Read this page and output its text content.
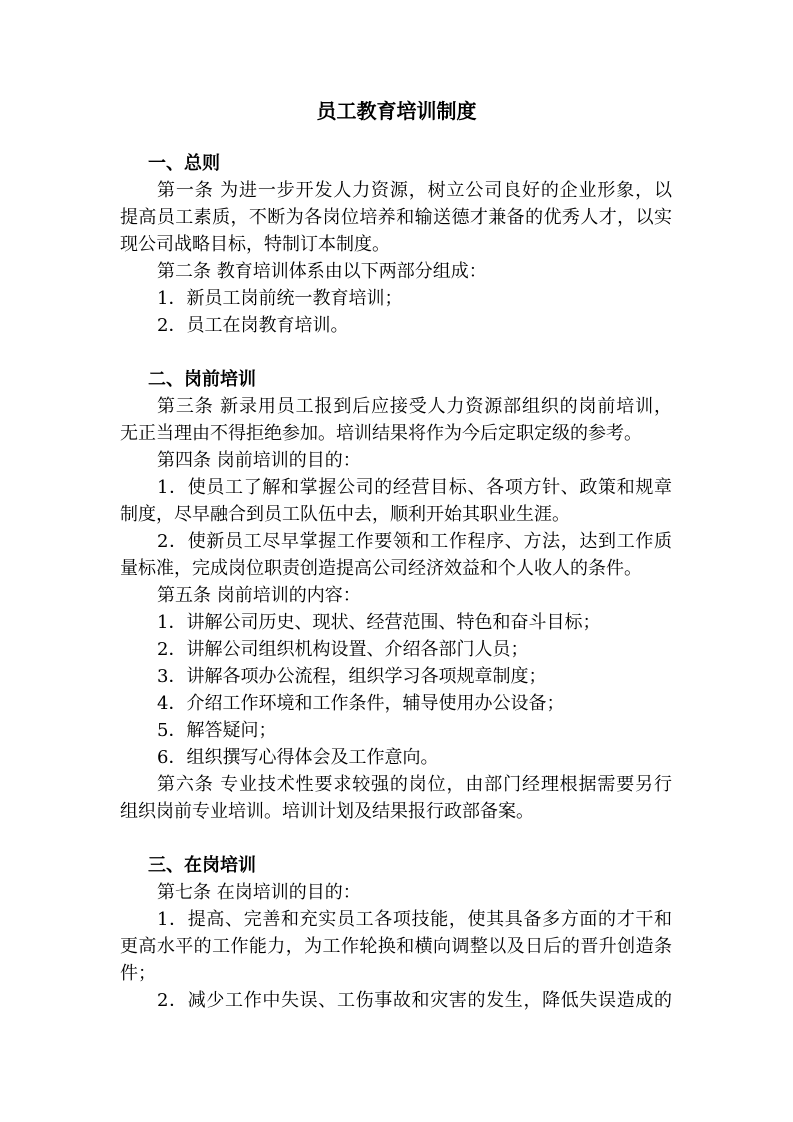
员工教育培训制度
一、总则
第一条 为进一步开发人力资源，树立公司良好的企业形象，以
提高员工素质，不断为各岗位培养和输送德才兼备的优秀人才，以实
现公司战略目标，特制订本制度。
第二条 教育培训体系由以下两部分组成：
1．新员工岗前统一教育培训；
2．员工在岗教育培训。
二、岗前培训
第三条 新录用员工报到后应接受人力资源部组织的岗前培训，
无正当理由不得拒绝参加。培训结果将作为今后定职定级的参考。
第四条 岗前培训的目的：
1．使员工了解和掌握公司的经营目标、各项方针、政策和规章
制度，尽早融合到员工队伍中去，顺利开始其职业生涯。
2．使新员工尽早掌握工作要领和工作程序、方法，达到工作质
量标准，完成岗位职责创造提高公司经济效益和个人收人的条件。
第五条 岗前培训的内容：
1．讲解公司历史、现状、经营范围、特色和奋斗目标；
2．讲解公司组织机构设置、介绍各部门人员；
3．讲解各项办公流程，组织学习各项规章制度；
4．介绍工作环境和工作条件，辅导使用办公设备；
5．解答疑问；
6．组织撰写心得体会及工作意向。
第六条 专业技术性要求较强的岗位，由部门经理根据需要另行
组织岗前专业培训。培训计划及结果报行政部备案。
三、在岗培训
第七条 在岗培训的目的：
1．提高、完善和充实员工各项技能，使其具备多方面的才干和
更高水平的工作能力，为工作轮换和横向调整以及日后的晋升创造条
件；
2．减少工作中失误、工伤事故和灾害的发生，降低失误造成的
